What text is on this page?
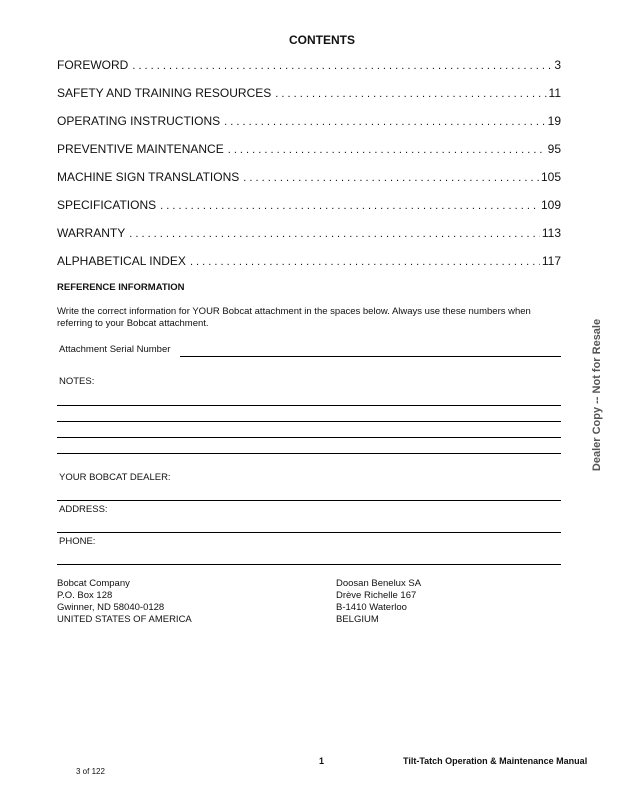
CONTENTS
FOREWORD . . .	3
SAFETY AND TRAINING RESOURCES . . .	11
OPERATING INSTRUCTIONS . . .	19
PREVENTIVE MAINTENANCE . . .	95
MACHINE SIGN TRANSLATIONS . . .	105
SPECIFICATIONS . . .	109
WARRANTY . . .	113
ALPHABETICAL INDEX . . .	117
REFERENCE INFORMATION
Write the correct information for YOUR Bobcat attachment in the spaces below. Always use these numbers when referring to your Bobcat attachment.
Attachment Serial Number
NOTES:
YOUR BOBCAT DEALER:
ADDRESS:
PHONE:
Bobcat Company
P.O. Box 128
Gwinner, ND 58040-0128
UNITED STATES OF AMERICA
Doosan Benelux SA
Drève Richelle 167
B-1410 Waterloo
BELGIUM
Dealer Copy -- Not for Resale
1	Tilt-Tatch Operation & Maintenance Manual
3 of 122
